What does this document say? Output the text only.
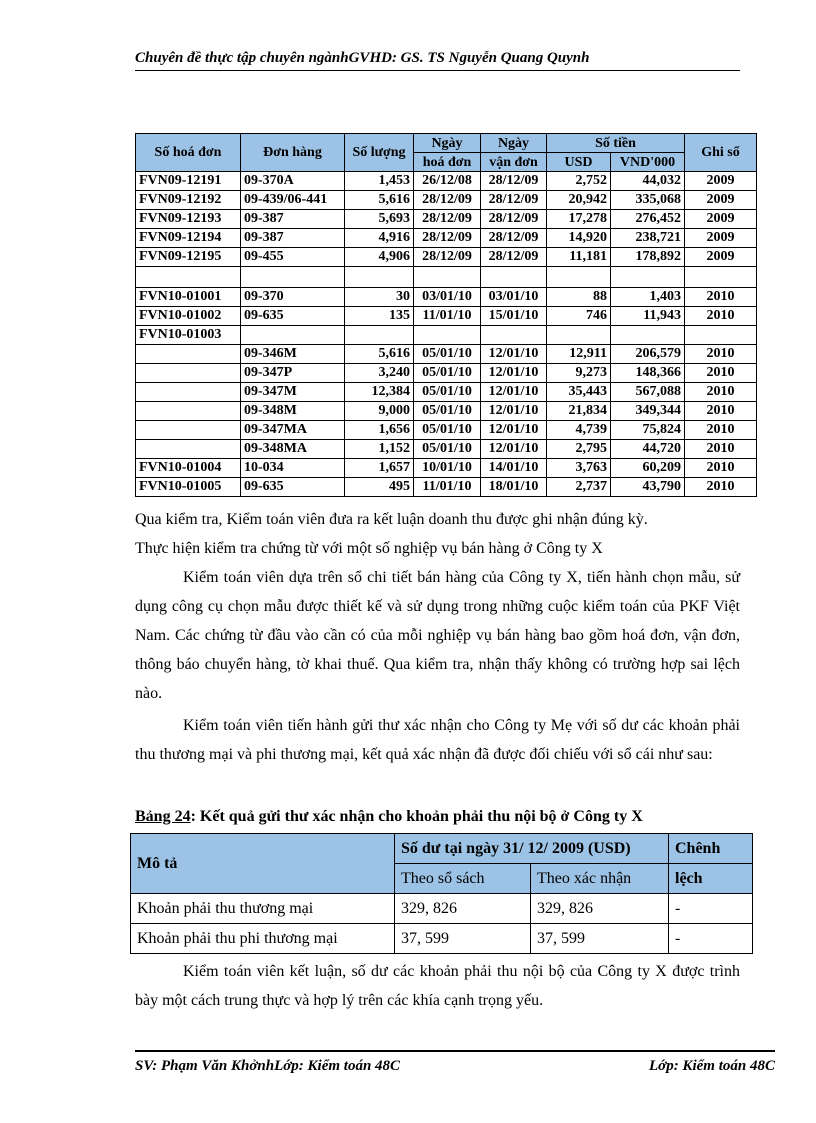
Chuyên đề thực tập chuyên ngànhGVHD: GS. TS Nguyễn Quang Quynh
Số hoá đơn	Đơn hàng	Số lượng	Ngày	Ngày	Số tiền		Ghi sổ
			hoá đơn	vận đơn	USD	VND'000	
FVN09-12191	09-370A	1,453	26/12/08	28/12/09	2,752	44,032	2009
FVN09-12192	09-439/06-441	5,616	28/12/09	28/12/09	20,942	335,068	2009
FVN09-12193	09-387	5,693	28/12/09	28/12/09	17,278	276,452	2009
FVN09-12194	09-387	4,916	28/12/09	28/12/09	14,920	238,721	2009
FVN09-12195	09-455	4,906	28/12/09	28/12/09	11,181	178,892	2009

FVN10-01001	09-370	30	03/01/10	03/01/10	88	1,403	2010
FVN10-01002	09-635	135	11/01/10	15/01/10	746	11,943	2010
FVN10-01003							
	09-346M	5,616	05/01/10	12/01/10	12,911	206,579	2010
	09-347P	3,240	05/01/10	12/01/10	9,273	148,366	2010
	09-347M	12,384	05/01/10	12/01/10	35,443	567,088	2010
	09-348M	9,000	05/01/10	12/01/10	21,834	349,344	2010
	09-347MA	1,656	05/01/10	12/01/10	4,739	75,824	2010
	09-348MA	1,152	05/01/10	12/01/10	2,795	44,720	2010
FVN10-01004	10-034	1,657	10/01/10	14/01/10	3,763	60,209	2010
FVN10-01005	09-635	495	11/01/10	18/01/10	2,737	43,790	2010
Qua kiểm tra, Kiểm toán viên đưa ra kết luận doanh thu được ghi nhận đúng kỳ.
Thực hiện kiểm tra chứng từ với một số nghiệp vụ bán hàng ở Công ty X
Kiểm toán viên dựa trên sổ chi tiết bán hàng của Công ty X, tiến hành chọn mẫu, sử dụng công cụ chọn mẫu được thiết kế và sử dụng trong những cuộc kiểm toán của PKF Việt Nam. Các chứng từ đầu vào cần có của mỗi nghiệp vụ bán hàng bao gồm hoá đơn, vận đơn, thông báo chuyển hàng, tờ khai thuế. Qua kiểm tra, nhận thấy không có trường hợp sai lệch nào.
Kiểm toán viên tiến hành gửi thư xác nhận cho Công ty Mẹ với số dư các khoản phải thu thương mại và phi thương mại, kết quả xác nhận đã được đối chiếu với sổ cái như sau:
Bảng 24: Kết quả gửi thư xác nhận cho khoản phải thu nội bộ ở Công ty X
Mô tả	Số dư tại ngày 31/ 12/ 2009 (USD)		Chênh
	Theo sổ sách	Theo xác nhận	lệch
Khoản phải thu thương mại	329, 826	329, 826	-
Khoản phải thu phi thương mại	37, 599	37, 599	-
Kiểm toán viên kết luận, số dư các khoản phải thu nội bộ của Công ty X được trình bày một cách trung thực và hợp lý trên các khía cạnh trọng yếu.
SV: Phạm Văn KhởnhLớp: Kiểm toán 48C	Lớp: Kiểm toán 48C
